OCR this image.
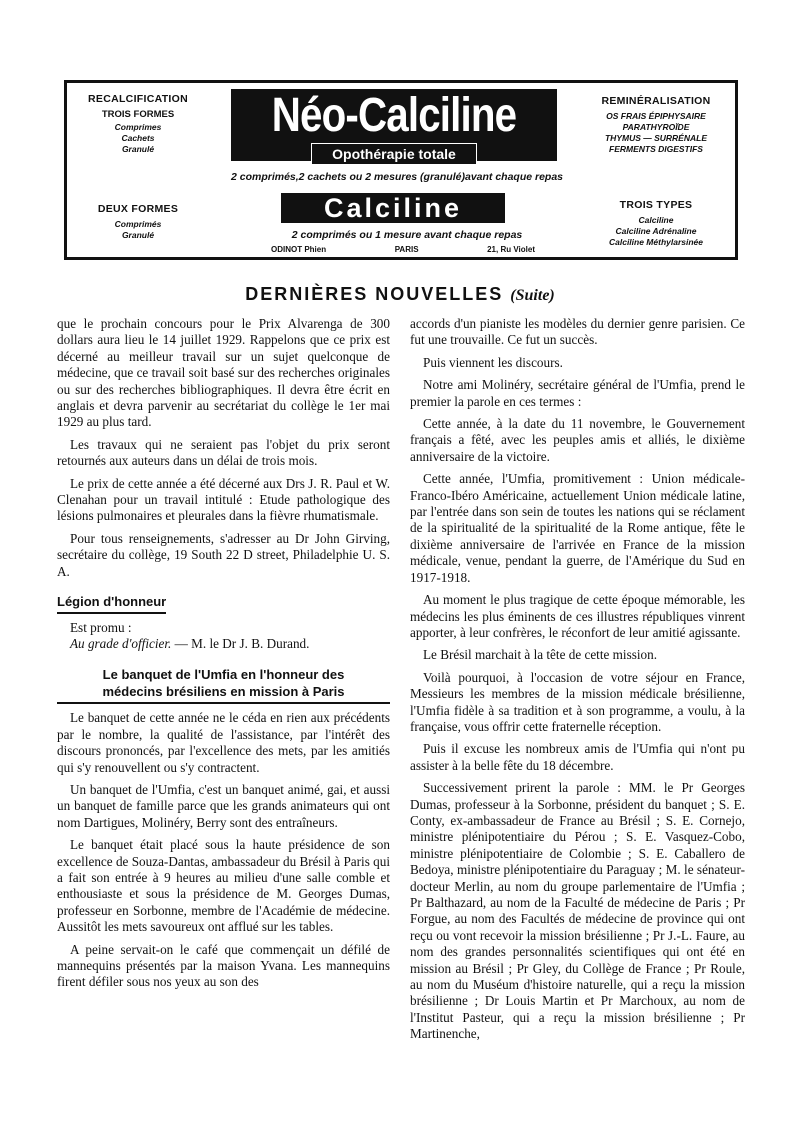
RECALCIFICATION
TROIS FORMES
Comprimes
Cachets
Granulé
DEUX FORMES
Comprimés
Granulé
REMINÉRALISATION
OS FRAIS ÉPIPHYSAIRE
PARATHYROÏDE
THYMUS — SURRÉNALE
FERMENTS DIGESTIFS
TROIS TYPES
Calciline
Calciline Adrénaline
Calciline Méthylarsinée
Néo-Calciline
Opothérapie totale
2 comprimés,2 cachets ou 2 mesures (granulé)avant chaque repas
Calciline
2 comprimés ou 1 mesure avant chaque repas
ODINOT Phien	PARIS	21, Ru Violet
DERNIÈRES NOUVELLES (Suite)

que le prochain concours pour le Prix Alvarenga de 300 dollars aura lieu le 14 juillet 1929. Rappelons que ce prix est décerné au meilleur travail sur un sujet quelconque de médecine, que ce travail soit basé sur des recherches originales ou sur des recherches bibliographiques. Il devra être écrit en anglais et devra parvenir au secrétariat du collège le 1er mai 1929 au plus tard.

Les travaux qui ne seraient pas l'objet du prix seront retournés aux auteurs dans un délai de trois mois.

Le prix de cette année a été décerné aux Drs J. R. Paul et W. Clenahan pour un travail intitulé : Etude pathologique des lésions pulmonaires et pleurales dans la fièvre rhumatismale.

Pour tous renseignements, s'adresser au Dr John Girving, secrétaire du collège, 19 South 22 D street, Philadelphie U. S. A.

Légion d'honneur

Est promu :

Au grade d'officier. — M. le Dr J. B. Durand.

Le banquet de l'Umfia en l'honneur des
médecins brésiliens en mission à Paris

Le banquet de cette année ne le céda en rien aux précédents par le nombre, la qualité de l'assistance, par l'intérêt des discours prononcés, par l'excellence des mets, par les amitiés qui s'y renouvellent ou s'y contractent.

Un banquet de l'Umfia, c'est un banquet animé, gai, et aussi un banquet de famille parce que les grands animateurs qui ont nom Dartigues, Molinéry, Berry sont des entraîneurs.

Le banquet était placé sous la haute présidence de son excellence de Souza-Dantas, ambassadeur du Brésil à Paris qui a fait son entrée à 9 heures au milieu d'une salle comble et enthousiaste et sous la présidence de M. Georges Dumas, professeur en Sorbonne, membre de l'Académie de médecine. Aussitôt les mets savoureux ont afflué sur les tables.

A peine servait-on le café que commençait un défilé de mannequins présentés par la maison Yvana. Les mannequins firent défiler sous nos yeux au son des

accords d'un pianiste les modèles du dernier genre parisien. Ce fut une trouvaille. Ce fut un succès.

Puis viennent les discours.

Notre ami Molinéry, secrétaire général de l'Umfia, prend le premier la parole en ces termes :

Cette année, à la date du 11 novembre, le Gouvernement français a fêté, avec les peuples amis et alliés, le dixième anniversaire de la victoire.

Cette année, l'Umfia, promitivement : Union médicale-Franco-Ibéro Américaine, actuellement Union médicale latine, par l'entrée dans son sein de toutes les nations qui se réclament de la spiritualité de la spiritualité de la Rome antique, fête le dixième anniversaire de l'arrivée en France de la mission médicale, venue, pendant la guerre, de l'Amérique du Sud en 1917-1918.

Au moment le plus tragique de cette époque mémorable, les médecins les plus éminents de ces illustres républiques vinrent apporter, à leur confrères, le réconfort de leur amitié agissante.

Le Brésil marchait à la tête de cette mission.

Voilà pourquoi, à l'occasion de votre séjour en France, Messieurs les membres de la mission médicale brésilienne, l'Umfia fidèle à sa tradition et à son programme, a voulu, à la française, vous offrir cette fraternelle réception.

Puis il excuse les nombreux amis de l'Umfia qui n'ont pu assister à la belle fête du 18 décembre.

Successivement prirent la parole : MM. le Pr Georges Dumas, professeur à la Sorbonne, président du banquet ; S. E. Conty, ex-ambassadeur de France au Brésil ; S. E. Cornejo, ministre plénipotentiaire du Pérou ; S. E. Vasquez-Cobo, ministre plénipotentiaire de Colombie ; S. E. Caballero de Bedoya, ministre plénipotentiaire du Paraguay ; M. le sénateur-docteur Merlin, au nom du groupe parlementaire de l'Umfia ; Pr Balthazard, au nom de la Faculté de médecine de Paris ; Pr Forgue, au nom des Facultés de médecine de province qui ont reçu ou vont recevoir la mission brésilienne ; Pr J.-L. Faure, au nom des grandes personnalités scientifiques qui ont été en mission au Brésil ; Pr Gley, du Collège de France ; Pr Roule, au nom du Muséum d'histoire naturelle, qui a reçu la mission brésilienne ; Dr Louis Martin et Pr Marchoux, au nom de l'Institut Pasteur, qui a reçu la mission brésilienne ; Pr Martinenche,
